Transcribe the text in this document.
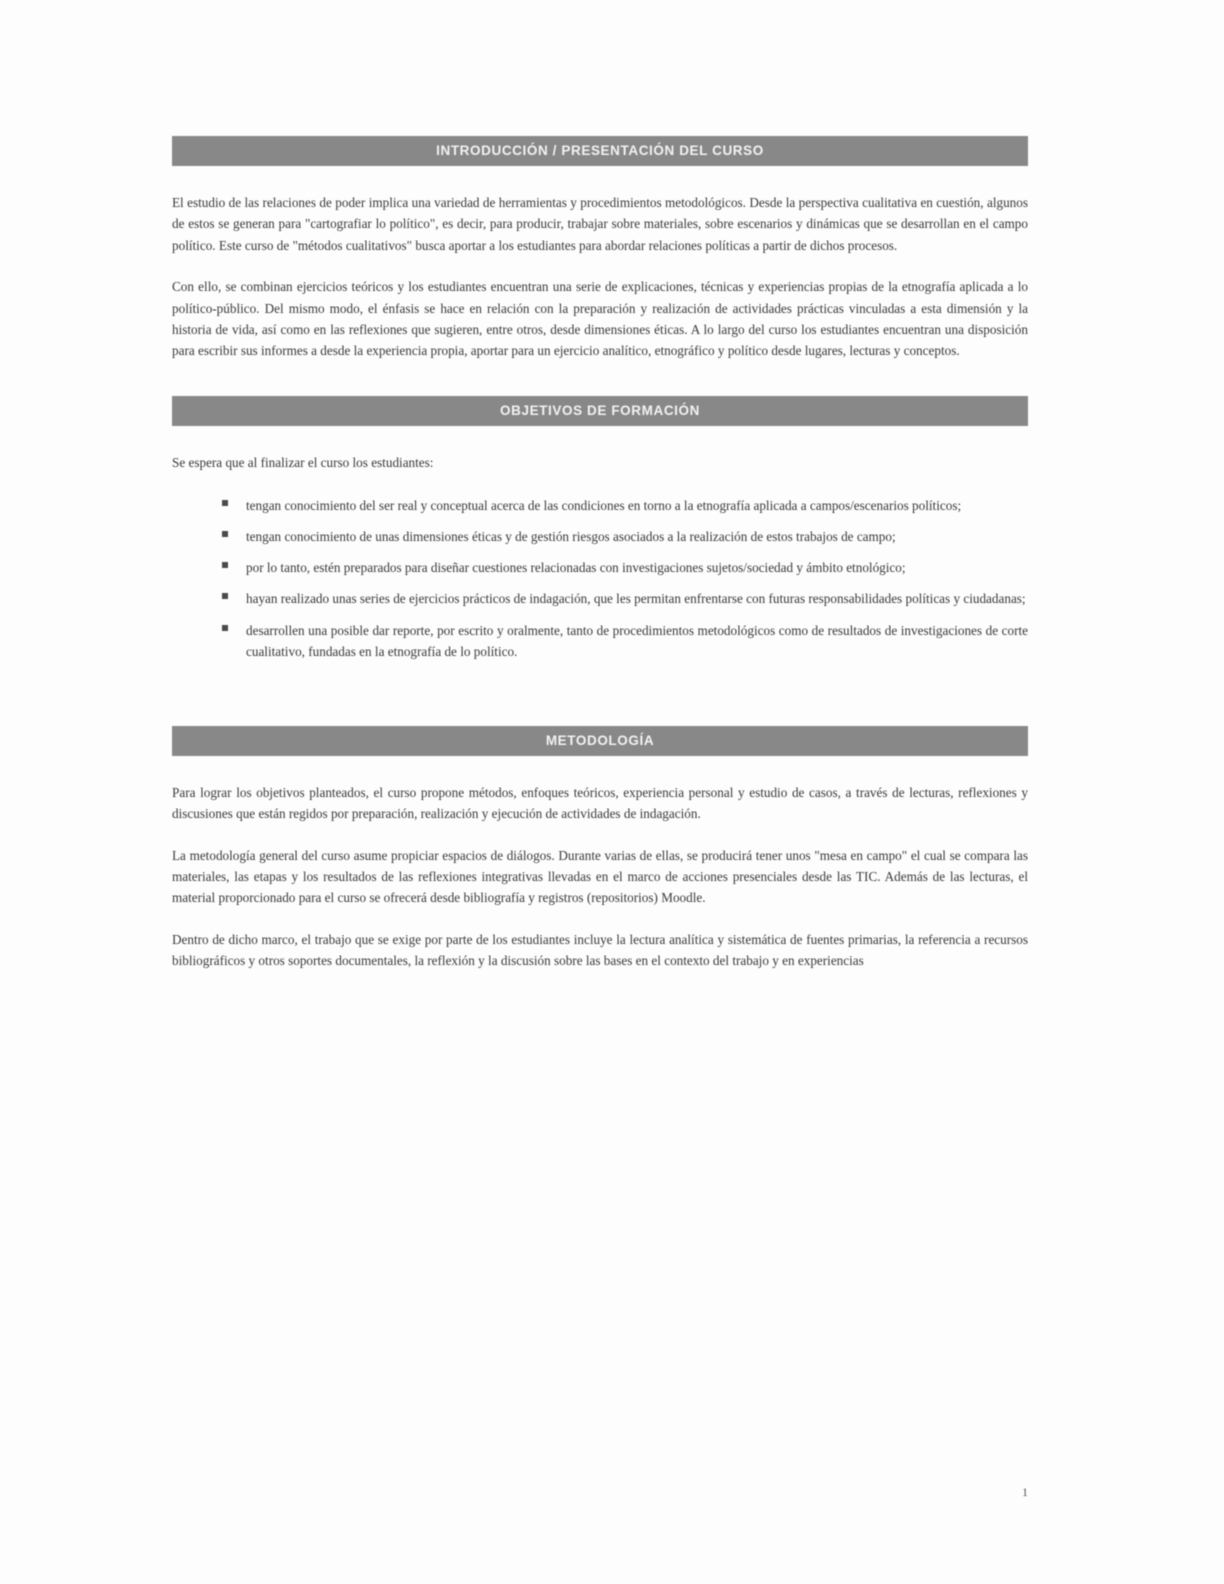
INTRODUCCIÓN / PRESENTACIÓN DEL CURSO

El estudio de las relaciones de poder implica una variedad de herramientas y procedimientos metodológicos. Desde la perspectiva cualitativa en cuestión, algunos de estos se generan para "cartografiar lo político", es decir, para producir, trabajar sobre materiales, sobre escenarios y dinámicas que se desarrollan en el campo político. Este curso de "métodos cualitativos" busca aportar a los estudiantes para abordar relaciones políticas a partir de dichos procesos.

Con ello, se combinan ejercicios teóricos y los estudiantes encuentran una serie de explicaciones, técnicas y experiencias propias de la etnografía aplicada a lo político-público. Del mismo modo, el énfasis se hace en relación con la preparación y realización de actividades prácticas vinculadas a esta dimensión y la historia de vida, así como en las reflexiones que sugieren, entre otros, desde dimensiones éticas. A lo largo del curso los estudiantes encuentran una disposición para escribir sus informes a desde la experiencia propia, aportar para un ejercicio analítico, etnográfico y político desde lugares, lecturas y conceptos.

OBJETIVOS DE FORMACIÓN

Se espera que al finalizar el curso los estudiantes:

tengan conocimiento del ser real y conceptual acerca de las condiciones en torno a la etnografía aplicada a campos/escenarios políticos;
tengan conocimiento de unas dimensiones éticas y de gestión riesgos asociados a la realización de estos trabajos de campo;
por lo tanto, estén preparados para diseñar cuestiones relacionadas con investigaciones sujetos/sociedad y ámbito etnológico;
hayan realizado unas series de ejercicios prácticos de indagación, que les permitan enfrentarse con futuras responsabilidades políticas y ciudadanas;
desarrollen una posible dar reporte, por escrito y oralmente, tanto de procedimientos metodológicos como de resultados de investigaciones de corte cualitativo, fundadas en la etnografía de lo político.
METODOLOGÍA

Para lograr los objetivos planteados, el curso propone métodos, enfoques teóricos, experiencia personal y estudio de casos, a través de lecturas, reflexiones y discusiones que están regidos por preparación, realización y ejecución de actividades de indagación.

La metodología general del curso asume propiciar espacios de diálogos. Durante varias de ellas, se producirá tener unos "mesa en campo" el cual se compara las materiales, las etapas y los resultados de las reflexiones integrativas llevadas en el marco de acciones presenciales desde las TIC. Además de las lecturas, el material proporcionado para el curso se ofrecerá desde bibliografía y registros (repositorios) Moodle.

Dentro de dicho marco, el trabajo que se exige por parte de los estudiantes incluye la lectura analítica y sistemática de fuentes primarias, la referencia a recursos bibliográficos y otros soportes documentales, la reflexión y la discusión sobre las bases en el contexto del trabajo y en experiencias

1
